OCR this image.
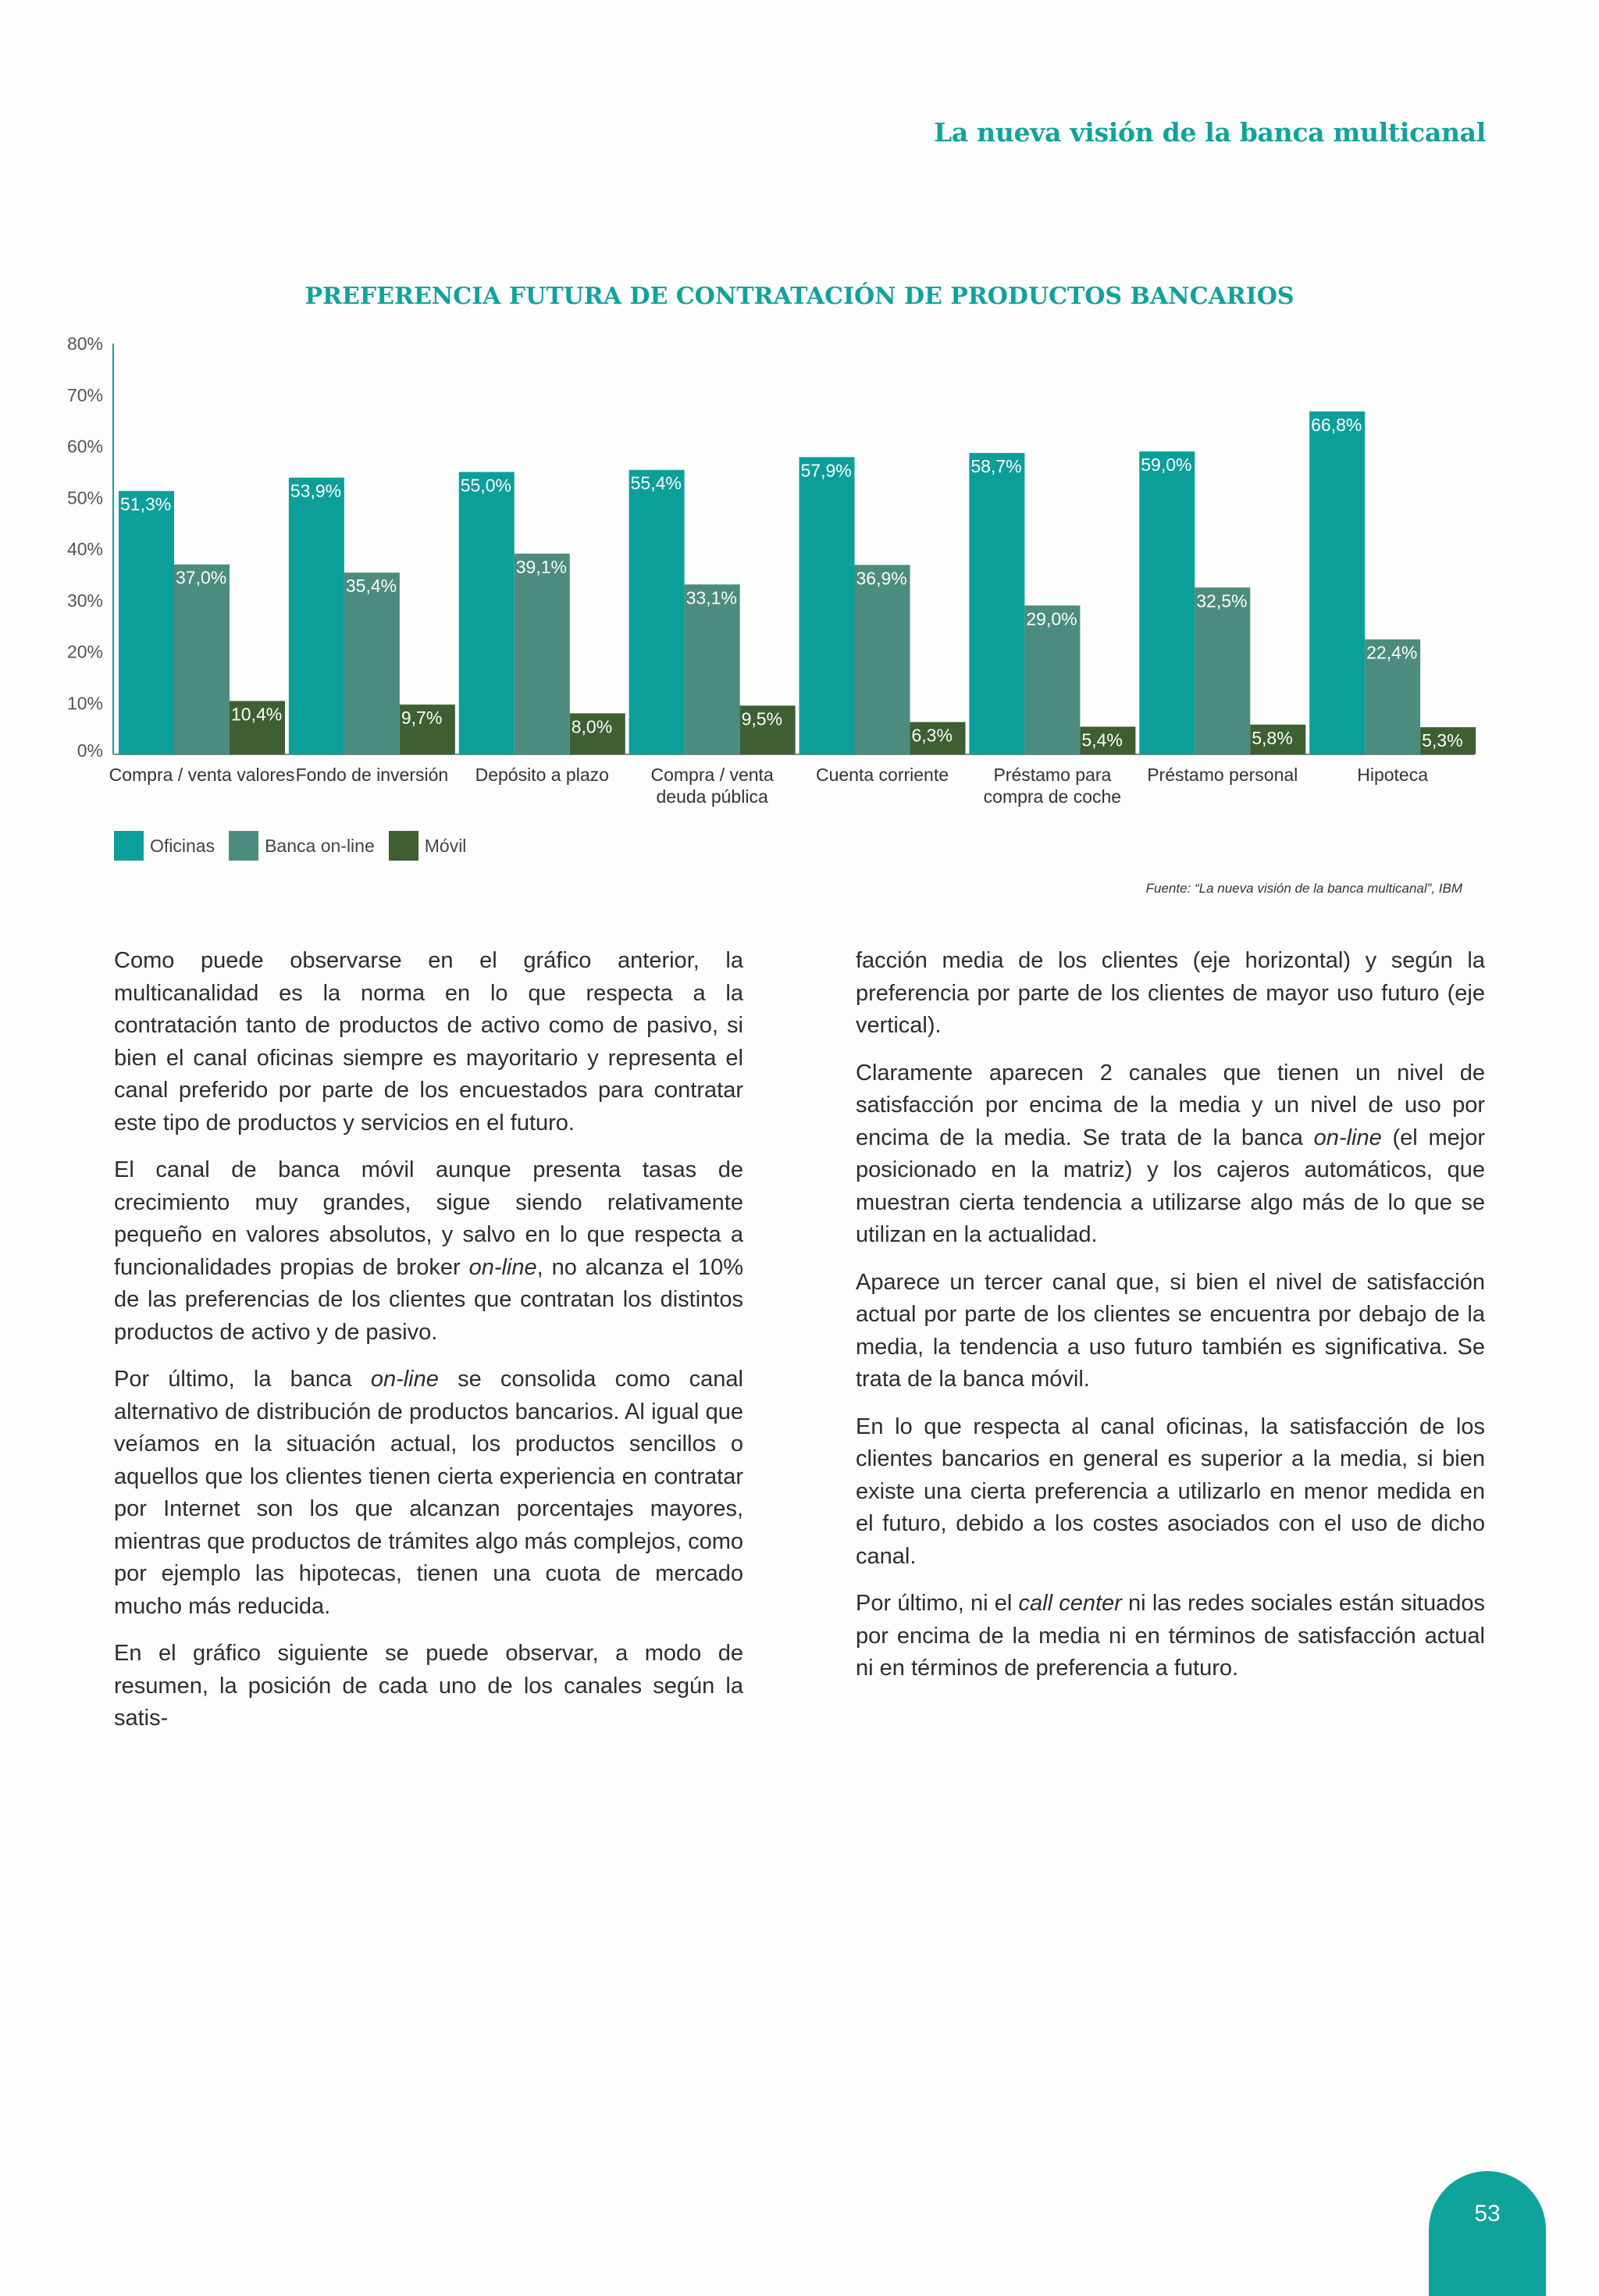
La nueva visión de la banca multicanal
PREFERENCIA FUTURA DE CONTRATACIÓN DE PRODUCTOS BANCARIOS
0%
10%
20%
30%
40%
50%
60%
70%
80%
51,3%
37,0%
10,4%
Compra / venta valores
53,9%
35,4%
9,7%
Fondo de inversión
55,0%
39,1%
8,0%
Depósito a plazo
55,4%
33,1%
9,5%
Compra / venta
deuda pública
57,9%
36,9%
6,3%
Cuenta corriente
58,7%
29,0%
5,4%
Préstamo para
compra de coche
59,0%
32,5%
5,8%
Préstamo personal
66,8%
22,4%
5,3%
Hipoteca
Oficinas	Banca on-line	Móvil
Fuente: “La nueva visión de la banca multicanal”, IBM

Como puede observarse en el gráfico anterior, la multicanalidad es la norma en lo que respecta a la contratación tanto de productos de activo como de pasivo, si bien el canal oficinas siempre es mayoritario y representa el canal preferido por parte de los encuestados para contratar este tipo de productos y servicios en el futuro.

El canal de banca móvil aunque presenta tasas de crecimiento muy grandes, sigue siendo relativamente pequeño en valores absolutos, y salvo en lo que respecta a funcionalidades propias de broker on-line, no alcanza el 10% de las preferencias de los clientes que contratan los distintos productos de activo y de pasivo.

Por último, la banca on-line se consolida como canal alternativo de distribución de productos bancarios. Al igual que veíamos en la situación actual, los productos sencillos o aquellos que los clientes tienen cierta experiencia en contratar por Internet son los que alcanzan porcentajes mayores, mientras que productos de trámites algo más complejos, como por ejemplo las hipotecas, tienen una cuota de mercado mucho más reducida.

En el gráfico siguiente se puede observar, a modo de resumen, la posición de cada uno de los canales según la satis-

facción media de los clientes (eje horizontal) y según la preferencia por parte de los clientes de mayor uso futuro (eje vertical).

Claramente aparecen 2 canales que tienen un nivel de satisfacción por encima de la media y un nivel de uso por encima de la media. Se trata de la banca on-line (el mejor posicionado en la matriz) y los cajeros automáticos, que muestran cierta tendencia a utilizarse algo más de lo que se utilizan en la actualidad.

Aparece un tercer canal que, si bien el nivel de satisfacción actual por parte de los clientes se encuentra por debajo de la media, la tendencia a uso futuro también es significativa. Se trata de la banca móvil.

En lo que respecta al canal oficinas, la satisfacción de los clientes bancarios en general es superior a la media, si bien existe una cierta preferencia a utilizarlo en menor medida en el futuro, debido a los costes asociados con el uso de dicho canal.

Por último, ni el call center ni las redes sociales están situados por encima de la media ni en términos de satisfacción actual ni en términos de preferencia a futuro.

53
